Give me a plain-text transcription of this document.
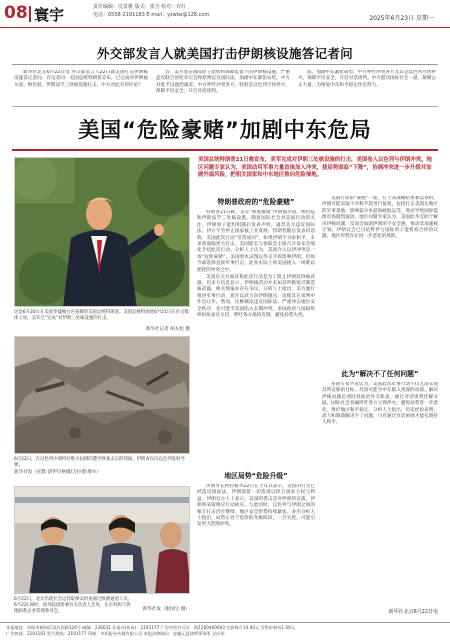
08 寰宇	责任编辑：沈景雅 版式：张含 校对：许红
电话：0558-2191183 E-mail：yzwbs@126.com	2025年6月23日 星期一
外交部发言人就美国打击伊朗核设施答记者问

新华社北京6月22日电 外交部发言人22日就美国打击伊朗核设施答记者问。有记者问：美国总统特朗普宣布，已完成对伊朗福尔道、纳坦兹、伊斯法罕三处核设施打击。中方对此有何评论？

答：美方袭击国际原子能机构保障监督下的伊朗核设施，严重违反联合国宪章宗旨和原则以及国际法，加剧中东紧张局势。中方对此予以强烈谴责。中方呼吁冲突各方、特别是以色列尽快停火，保障平民安全，开启对话谈判。

法，加剧中东紧张局势。中方呼吁冲突各方尤其是以色列尽快停火，保障平民安全，开启对话谈判。中方愿同国际社会一道，凝聚公正力量，为恢复中东和平稳定作出努力。

美国“危险豪赌”加剧中东危局
美国总统特朗普21日晚宣布，美军完成对伊朗三处核设施的打击，美国卷入以色列与伊朗冲突。地区问题专家认为，美国动用军事力量直接加入冲突，使局势面临“下降”，协调冲突进一步升级并加剧外溢风险，把相关国家和中东地区推向危险境地。
这是6月20日在美国华盛顿白宫拍摄的美国总统特朗普。美国总统特朗普6月21日在社交媒体上说，美军已“完成”对伊朗三处核设施的打击。
新华社记者 胡友松 摄
6月22日，在以色列中部特拉维夫拍摄的遭导弹袭击后的现场。伊朗再次向以色列发射导弹。
新华社发（托默·诺伊贝格摄/吉拉德·摩尔）
6月22日，北京出现社会运营取保安检查通过快捷通道人员。6月22日9时，国务院国资委有关负责人会见，在京机构与各地联系企业管理委员会。	新华社发（银国宝 摄）
特朗普政府的“危险豪赌”

特朗普21日称，美军“彻底摧毁”伊朗福尔道、纳坦兹和伊斯法罕三处核设施。随着国际社会对美国行动的关注，伊朗原子能组织随后发表声明，谴责美方违反国际法，伊方不会停止国家核工业发展。特朗普随后发表讲话称，美国此次行动“非常成功”，如果伊朗不寻求和平，未来将面临更大打击。美国防长与参联会主席召开发布会细化介绍此次行动。分析人士认为，美国介入以伊冲突是一场“危险豪赌”。美国原本试图以外交手段影响伊朗，但如今却选择直接军事打击。此举实际上将美国拖入一场难以把控的冲突之中。

美国有关方面宣称此次行动是为了阻止伊朗获得核武器，但多方信息显示，伊朗核活动并未如其所称接近制造核武器，相关情报亦存在争议。分析人士指出，美方强行推进军事行动，意在以武力向伊朗施压，迫使其在谈判中作出让步。然而，这种做法违反国际法，严重冲击地区安全秩序，也可能令美国陷入长期冲突。多国政府与国际组织纷纷表达关切，呼吁各方保持克制，避免局势失控。

地区局势“危险升级”

伊朗外长阿拉格齐22日在土耳其表示，美国的行为已经违反国际法，伊朗保留一切选项以捍卫国家主权与利益。伊朗官方人士表示，美国的袭击是对伊朗的宣战，伊朗将采取相应行动回应。与此同时，以色列与伊朗之间的相互打击仍在继续，地区安全形势持续紧张。多名分析人士指出，局势正处于危险的升级阶段，一旦失控，可能引发更大范围冲突。

美国行动的“豪赌”一面，在于其战略结果难以预料。伊朗可能采取不对称手段进行报复，包括打击美国在地区的军事基地、影响霍尔木兹海峡航运等，进而导致国际能源市场剧烈波动。地区问题专家认为，美国此举无助于解决伊核问题，反而会加剧伊朗的不安全感，推动其加速核计划。伊朗议会已讨论暂停与国际原子能机构合作的议题，地区形势存在进一步恶化的风险。

此为“解决不了任何问题”

多国专家学者认为，美国此次军事行动不仅无法实现其所宣称的目标，反而可能令中东陷入更深的动荡。解决伊核问题必须回到政治外交轨道，通过对话谈判化解分歧。国际社会普遍呼吁各方立即停火，避免局势进一步恶化，维护地区和平稳定。分析人士指出，历史经验表明，武力和制裁解决不了问题，只有通过对话协商才能实现持久和平。

新华社北京6月22日电
本报地址：阜阳市颍州区清河西路326号 邮编：236031 社委办(传真)：2191177 广告经营许可证：皖1200400003 定价每月14.00元 零售价每份1.00元
广告热线：2191183 发行热线：2191177 印刷：阜阳报业传媒有限公司 本报法律顾问：安徽元夏律师事务所 吴庆伟
